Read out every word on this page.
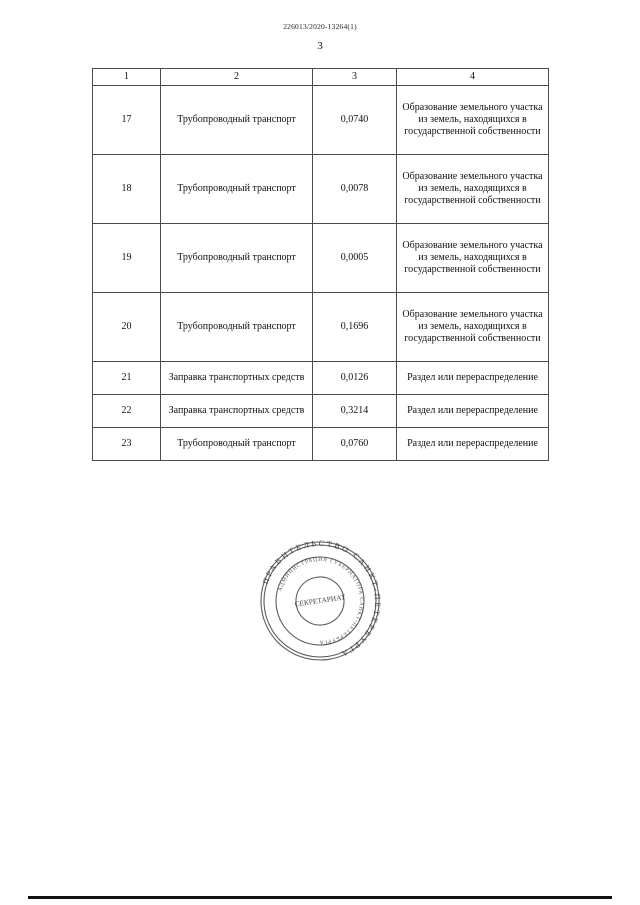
226013/2020-13264(1)
3
1	2	3	4
17	Трубопроводный транспорт	0,0740	Образование земельного участка из земель, находящихся в государственной собственности
18	Трубопроводный транспорт	0,0078	Образование земельного участка из земель, находящихся в государственной собственности
19	Трубопроводный транспорт	0,0005	Образование земельного участка из земель, находящихся в государственной собственности
20	Трубопроводный транспорт	0,1696	Образование земельного участка из земель, находящихся в государственной собственности
21	Заправка транспортных средств	0,0126	Раздел или перераспределение
22	Заправка транспортных средств	0,3214	Раздел или перераспределение
23	Трубопроводный транспорт	0,0760	Раздел или перераспределение
ПРАВИТЕЛЬСТВО САНКТ-ПЕТЕРБУРГА
АДМИНИСТРАЦИЯ ГУБЕРНАТОРА САНКТ-ПЕТЕРБУРГА
СЕКРЕТАРИАТ
